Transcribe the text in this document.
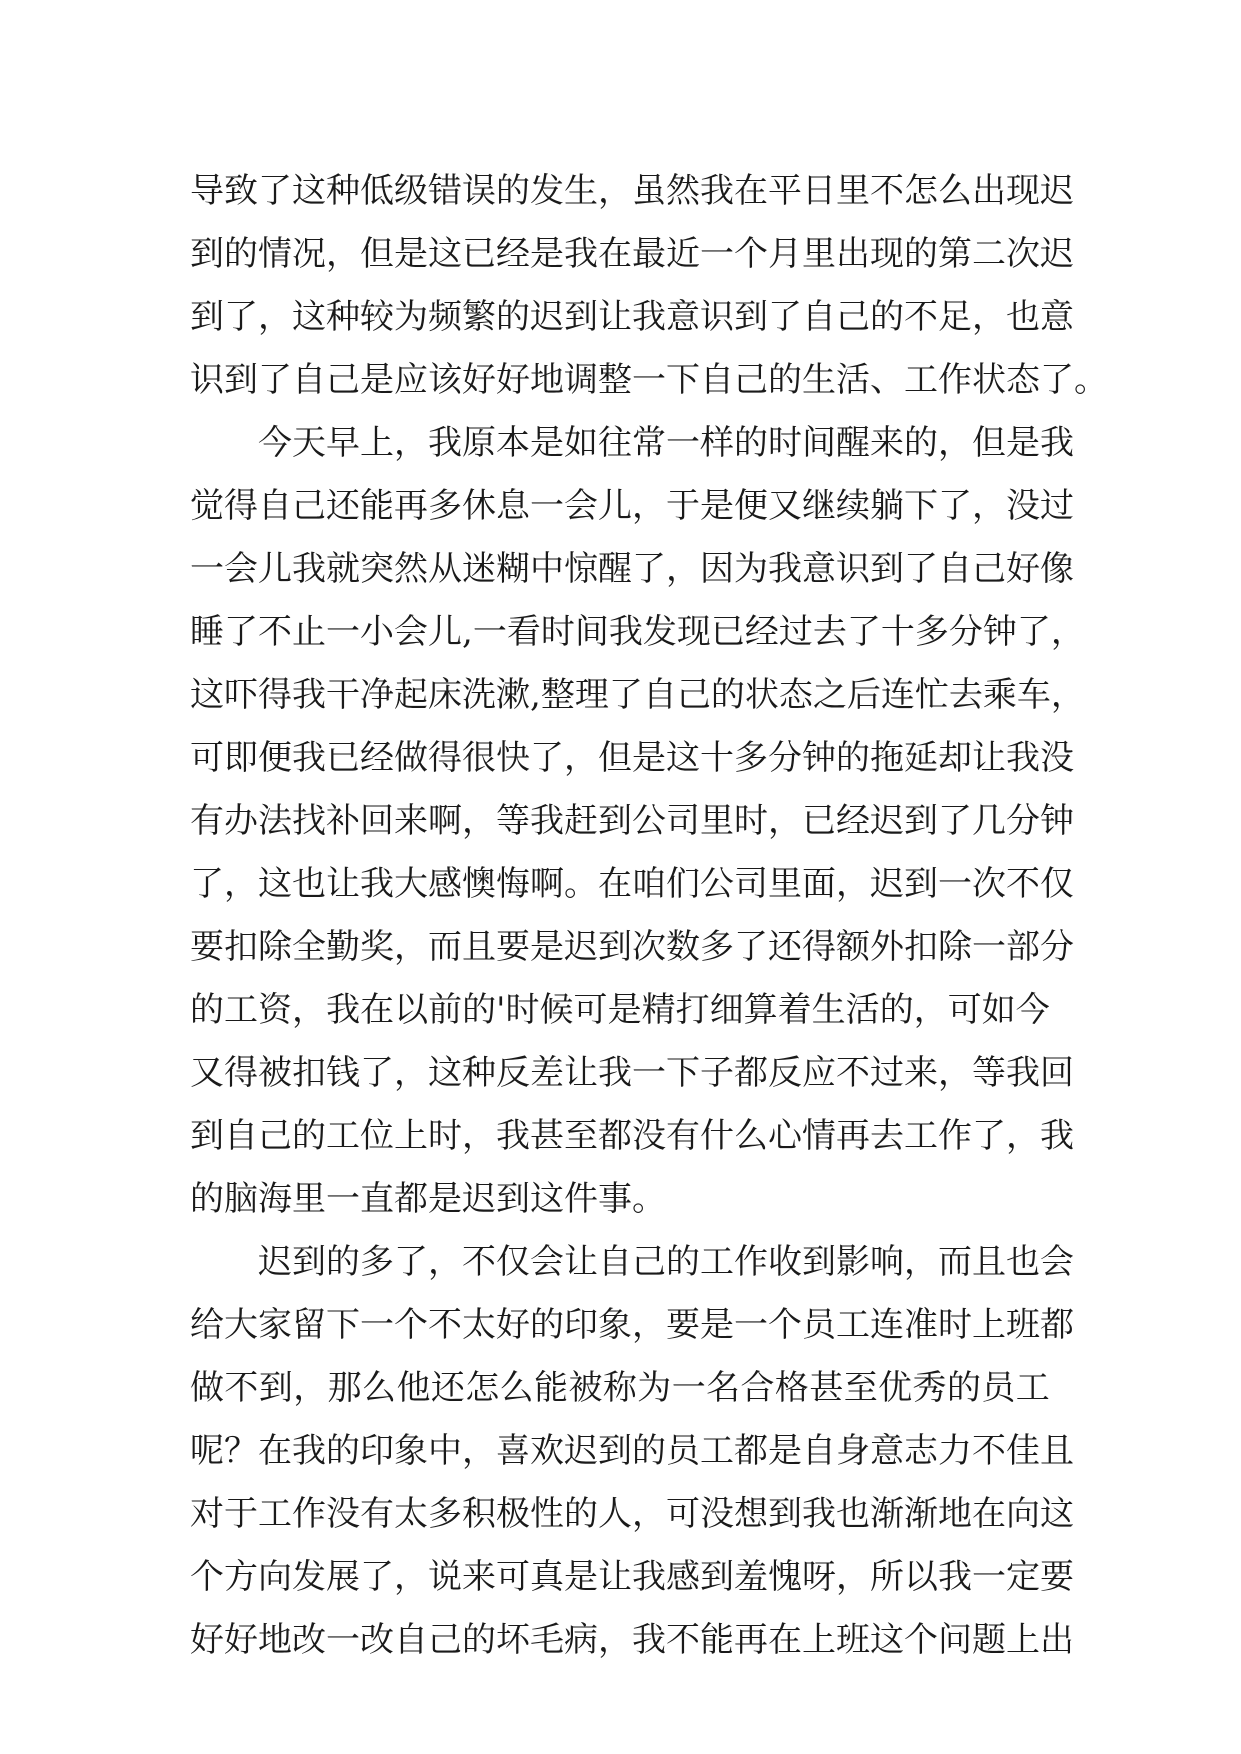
导 致 了 这 种 低 级 错 误 的 发 生 ， 虽 然 我 在 平 日 里 不 怎 么 出 现 迟
到 的 情 况 ， 但 是 这 已 经 是 我 在 最 近 一 个 月 里 出 现 的 第 二 次 迟
到 了 ， 这 种 较 为 频 繁 的 迟 到 让 我 意 识 到 了 自 己 的 不 足 ， 也 意
识 到 了 自 己 是 应 该 好 好 地 调 整 一 下 自 己 的 生 活 、 工 作 状 态 了 。
今 天 早 上 ， 我 原 本 是 如 往 常 一 样 的 时 间 醒 来 的 ， 但 是 我
觉 得 自 己 还 能 再 多 休 息 一 会 儿 ， 于 是 便 又 继 续 躺 下 了 ， 没 过
一 会 儿 我 就 突 然 从 迷 糊 中 惊 醒 了 ， 因 为 我 意 识 到 了 自 己 好 像
睡 了 不 止 一 小 会 儿 , 一 看 时 间 我 发 现 已 经 过 去 了 十 多 分 钟 了 ，
这 吓 得 我 干 净 起 床 洗 漱 , 整 理 了 自 己 的 状 态 之 后 连 忙 去 乘 车 ，
可 即 便 我 已 经 做 得 很 快 了 ， 但 是 这 十 多 分 钟 的 拖 延 却 让 我 没
有 办 法 找 补 回 来 啊 ， 等 我 赶 到 公 司 里 时 ， 已 经 迟 到 了 几 分 钟
了 ， 这 也 让 我 大 感 懊 悔 啊 。 在 咱 们 公 司 里 面 ， 迟 到 一 次 不 仅
要 扣 除 全 勤 奖 ， 而 且 要 是 迟 到 次 数 多 了 还 得 额 外 扣 除 一 部 分
的 工 资 ， 我 在 以 前 的 ' 时 候 可 是 精 打 细 算 着 生 活 的 ， 可 如 今
又 得 被 扣 钱 了 ， 这 种 反 差 让 我 一 下 子 都 反 应 不 过 来 ， 等 我 回
到 自 己 的 工 位 上 时 ， 我 甚 至 都 没 有 什 么 心 情 再 去 工 作 了 ， 我
的 脑 海 里 一 直 都 是 迟 到 这 件 事 。
迟 到 的 多 了 ， 不 仅 会 让 自 己 的 工 作 收 到 影 响 ， 而 且 也 会
给 大 家 留 下 一 个 不 太 好 的 印 象 ， 要 是 一 个 员 工 连 准 时 上 班 都
做 不 到 ， 那 么 他 还 怎 么 能 被 称 为 一 名 合 格 甚 至 优 秀 的 员 工
呢 ？ 在 我 的 印 象 中 ， 喜 欢 迟 到 的 员 工 都 是 自 身 意 志 力 不 佳 且
对 于 工 作 没 有 太 多 积 极 性 的 人 ， 可 没 想 到 我 也 渐 渐 地 在 向 这
个 方 向 发 展 了 ， 说 来 可 真 是 让 我 感 到 羞 愧 呀 ， 所 以 我 一 定 要
好 好 地 改 一 改 自 己 的 坏 毛 病 ， 我 不 能 再 在 上 班 这 个 问 题 上 出
